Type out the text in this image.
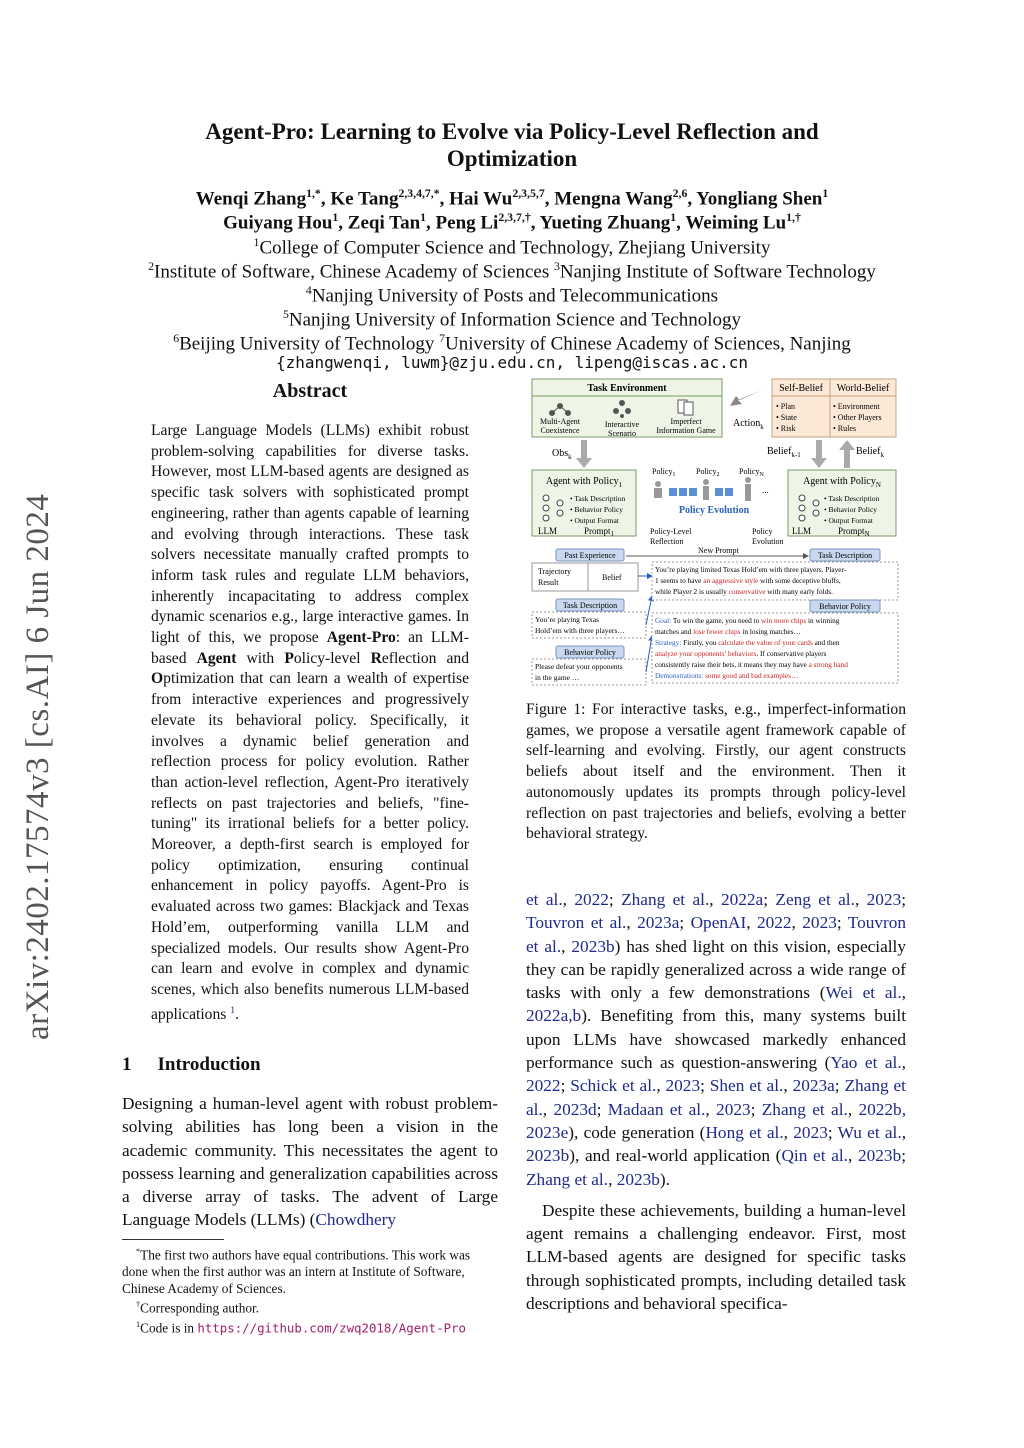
arXiv:2402.17574v3 [cs.AI] 6 Jun 2024
Agent-Pro: Learning to Evolve via Policy-Level Reflection and
Optimization
Wenqi Zhang$^{1,*}$, Ke Tang$^{2,3,4,7,*}$, Hai Wu$^{2,3,5,7}$, Mengna Wang$^{2,6}$, Yongliang Shen$^1$
Guiyang Hou$^1$, Zeqi Tan$^1$, Peng $Li^{2,3,7,\dagger}$, Yueting Zhuang$^1$, Weiming $Lu^{1,\dagger}$
$^1$College of Computer Science and Technology, Zhejiang University
$^2$Institute of Software, Chinese Academy of Sciences $^3$Nanjing Institute of Software Technology
$^4$Nanjing University of Posts and Telecommunications
$^5$Nanjing University of Information Science and Technology
$^6$Beijing University of Technology $^7$University of Chinese Academy of Sciences, Nanjing
{zhangwenqi, luwm}@zju.edu.cn, lipeng@iscas.ac.cn
Abstract

Large Language Models (LLMs) exhibit robust problem-solving capabilities for diverse tasks. However, most LLM-based agents are designed as specific task solvers with sophisticated prompt engineering, rather than agents capable of learning and evolving through interactions. These task solvers necessitate manually crafted prompts to inform task rules and regulate LLM behaviors, inherently incapacitating to address complex dynamic scenarios e.g., large interactive games. In light of this, we propose Agent-Pro: an LLM-based Agent with Policy-level Reflection and Optimization that can learn a wealth of expertise from interactive experiences and progressively elevate its behavioral policy. Specifically, it involves a dynamic belief generation and reflection process for policy evolution. Rather than action-level reflection, Agent-Pro iteratively reflects on past trajectories and beliefs, "fine-tuning" its irrational beliefs for a better policy. Moreover, a depth-first search is employed for policy optimization, ensuring continual enhancement in policy payoffs. Agent-Pro is evaluated across two games: Blackjack and Texas Hold’em, outperforming vanilla LLM and specialized models. Our results show Agent-Pro can learn and evolve in complex and dynamic scenes, which also benefits numerous LLM-based applications $^1$.

1 Introduction

Designing a human-level agent with robust problem-solving abilities has long been a vision in the academic community. This necessitates the agent to possess learning and generalization capabilities across a diverse array of tasks. The advent of Large Language Models (LLMs) (Chowdhery

*The first two authors have equal contributions. This work was done when the first author was an intern at Institute of Software, Chinese Academy of Sciences.

†Corresponding author.

$^1$Code is in https://github.com/zwq2018/Agent-Pro

Task Environment
Multi-Agent
Coexistence
Interactive
Scenario
Imperfect
Information Game
Action$_k$
Self-Belief
• Plan
• State
• Risk
World-Belief
• Environment
• Other Players
• Rules
Obs$_k$	Belief$_{k-1}$	Belief$_k$
Agent with Policy$_1$
• Task Description
• Behavior Policy
• Output Format
LLM	Prompt$_1$
Policy$_1$	Policy$_2$ Policy$_N$
...
Policy Evolution
Policy-Level
Reflection
Policy
Evolution
Agent with Policy$_N$
• Task Description
• Behavior Policy
• Output Format
LLM	Prompt$_N$
New Prompt
Past Experience
Trajectory
Result
Belief
Task Description
You’re playing Texas
Hold’em with three players…
Behavior Policy
Please defeat your opponents
in the game …
Task Description
You’re playing limited Texas Hold’em with three players. Player-
1 seems to have an aggressive style with some deceptive bluffs,
while Player 2 is usually conservative with many early folds.
Behavior Policy
Goal: To win the game, you need to win more chips in winning
matches and lose fewer chips in losing matches…
Strategy: Firstly, you calculate the value of your cards and then
analyze your opponents’ behaviors. If conservative players
consistently raise their bets, it means they may have a strong hand
Demonstrations: some good and bad examples…
Figure 1: For interactive tasks, e.g., imperfect-information games, we propose a versatile agent framework capable of self-learning and evolving. Firstly, our agent constructs beliefs about itself and the environment. Then it autonomously updates its prompts through policy-level reflection on past trajectories and beliefs, evolving a better behavioral strategy.

et al., 2022; Zhang et al., 2022a; Zeng et al., 2023; Touvron et al., 2023a; OpenAI, 2022, 2023; Touvron et al., 2023b) has shed light on this vision, especially they can be rapidly generalized across a wide range of tasks with only a few demonstrations (Wei et al., 2022a,b). Benefiting from this, many systems built upon LLMs have showcased markedly enhanced performance such as question-answering (Yao et al., 2022; Schick et al., 2023; Shen et al., 2023a; Zhang et al., 2023d; Madaan et al., 2023; Zhang et al., 2022b, 2023e), code generation (Hong et al., 2023; Wu et al., 2023b), and real-world application (Qin et al., 2023b; Zhang et al., 2023b).

Despite these achievements, building a human-level agent remains a challenging endeavor. First, most LLM-based agents are designed for specific tasks through sophisticated prompts, including detailed task descriptions and behavioral specifica-
